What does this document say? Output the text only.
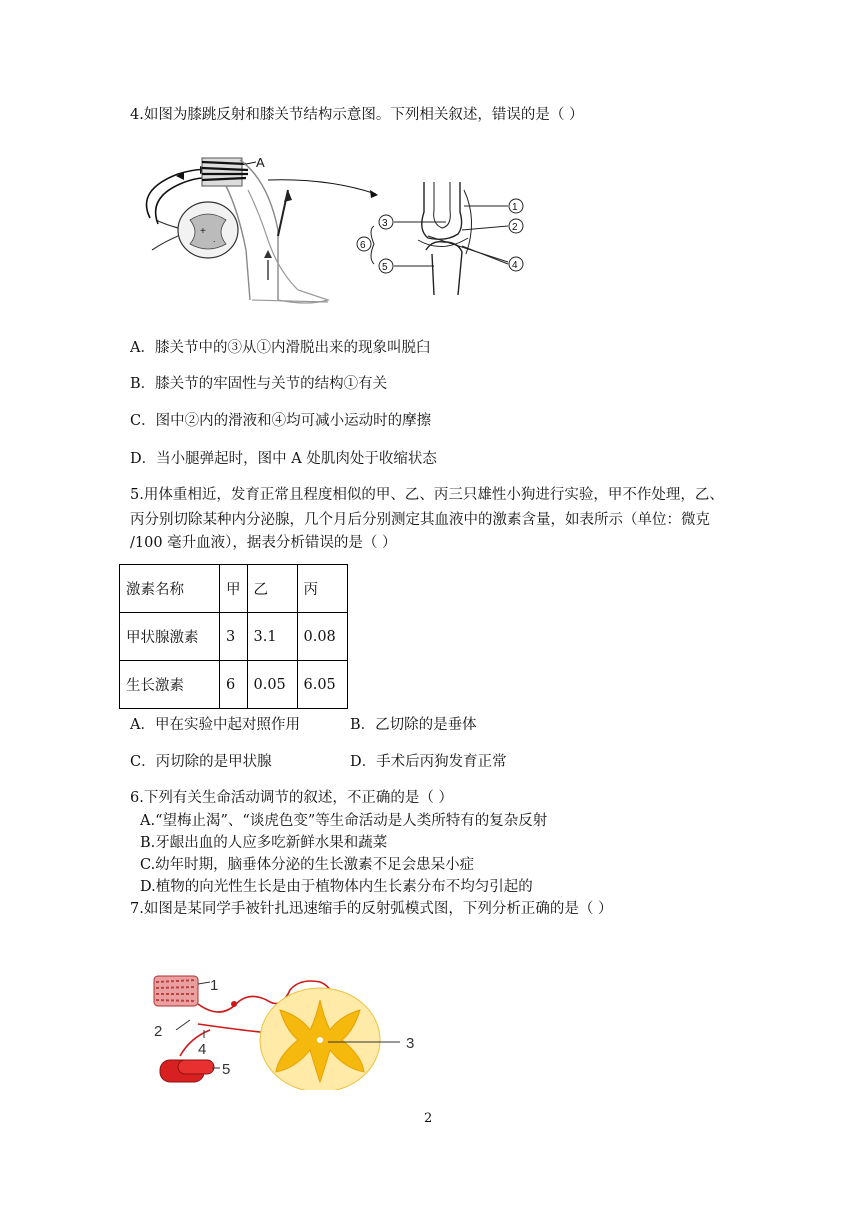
4.如图为膝跳反射和膝关节结构示意图。下列相关叙述，错误的是（ ）
+
.
A
3
6
5
1
2
4
A．膝关节中的③从①内滑脱出来的现象叫脱臼
B．膝关节的牢固性与关节的结构①有关
C．图中②内的滑液和④均可减小运动时的摩擦
D．当小腿弹起时，图中 A 处肌肉处于收缩状态
5.用体重相近，发育正常且程度相似的甲、乙、丙三只雄性小狗进行实验，甲不作处理，乙、
丙分别切除某种内分泌腺，几个月后分别测定其血液中的激素含量，如表所示（单位：微克
/100 毫升血液），据表分析错误的是（ ）
激素名称	甲	乙	丙
甲状腺激素	3	3.1	0.08
生长激素	6	0.05	6.05
A．甲在实验中起对照作用	B．乙切除的是垂体
C．丙切除的是甲状腺	D．手术后丙狗发育正常
6.下列有关生命活动调节的叙述，不正确的是（ ）
A.“望梅止渴”、“谈虎色变”等生命活动是人类所特有的复杂反射
B.牙龈出血的人应多吃新鲜水果和蔬菜
C.幼年时期，脑垂体分泌的生长激素不足会患呆小症
D.植物的向光性生长是由于植物体内生长素分布不均匀引起的
7.如图是某同学手被针扎迅速缩手的反射弧模式图，下列分析正确的是（ ）
1
2
4	3
5
2
